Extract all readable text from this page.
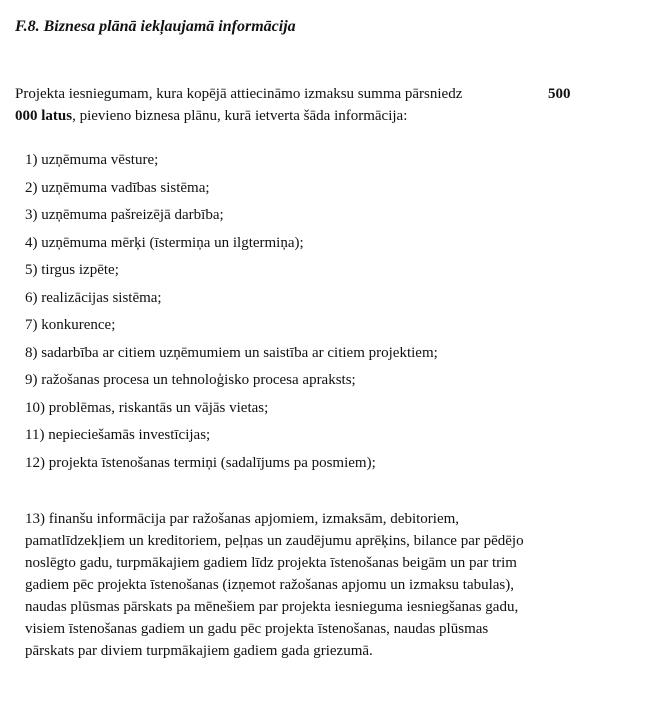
F.8. Biznesa plānā iekļaujamā informācija
Projekta iesniegumam, kura kopējā attiecināmo izmaksu summa pārsniedz	500
000 latus, pievieno biznesa plānu, kurā ietverta šāda informācija:
1) uzņēmuma vēsture;
2) uzņēmuma vadības sistēma;
3) uzņēmuma pašreizējā darbība;
4) uzņēmuma mērķi (īstermiņa un ilgtermiņa);
5) tirgus izpēte;
6) realizācijas sistēma;
7) konkurence;
8) sadarbība ar citiem uzņēmumiem un saistība ar citiem projektiem;
9) ražošanas procesa un tehnoloģisko procesa apraksts;
10) problēmas, riskantās un vājās vietas;
11) nepieciešamās investīcijas;
12) projekta īstenošanas termiņi (sadalījums pa posmiem);
13) finanšu informācija par ražošanas apjomiem, izmaksām, debitoriem,
pamatlīdzekļiem un kreditoriem, peļņas un zaudējumu aprēķins, bilance par pēdējo
noslēgto gadu, turpmākajiem gadiem līdz projekta īstenošanas beigām un par trim
gadiem pēc projekta īstenošanas (izņemot ražošanas apjomu un izmaksu tabulas),
naudas plūsmas pārskats pa mēnešiem par projekta iesnieguma iesniegšanas gadu,
visiem īstenošanas gadiem un gadu pēc projekta īstenošanas, naudas plūsmas
pārskats par diviem turpmākajiem gadiem gada griezumā.
